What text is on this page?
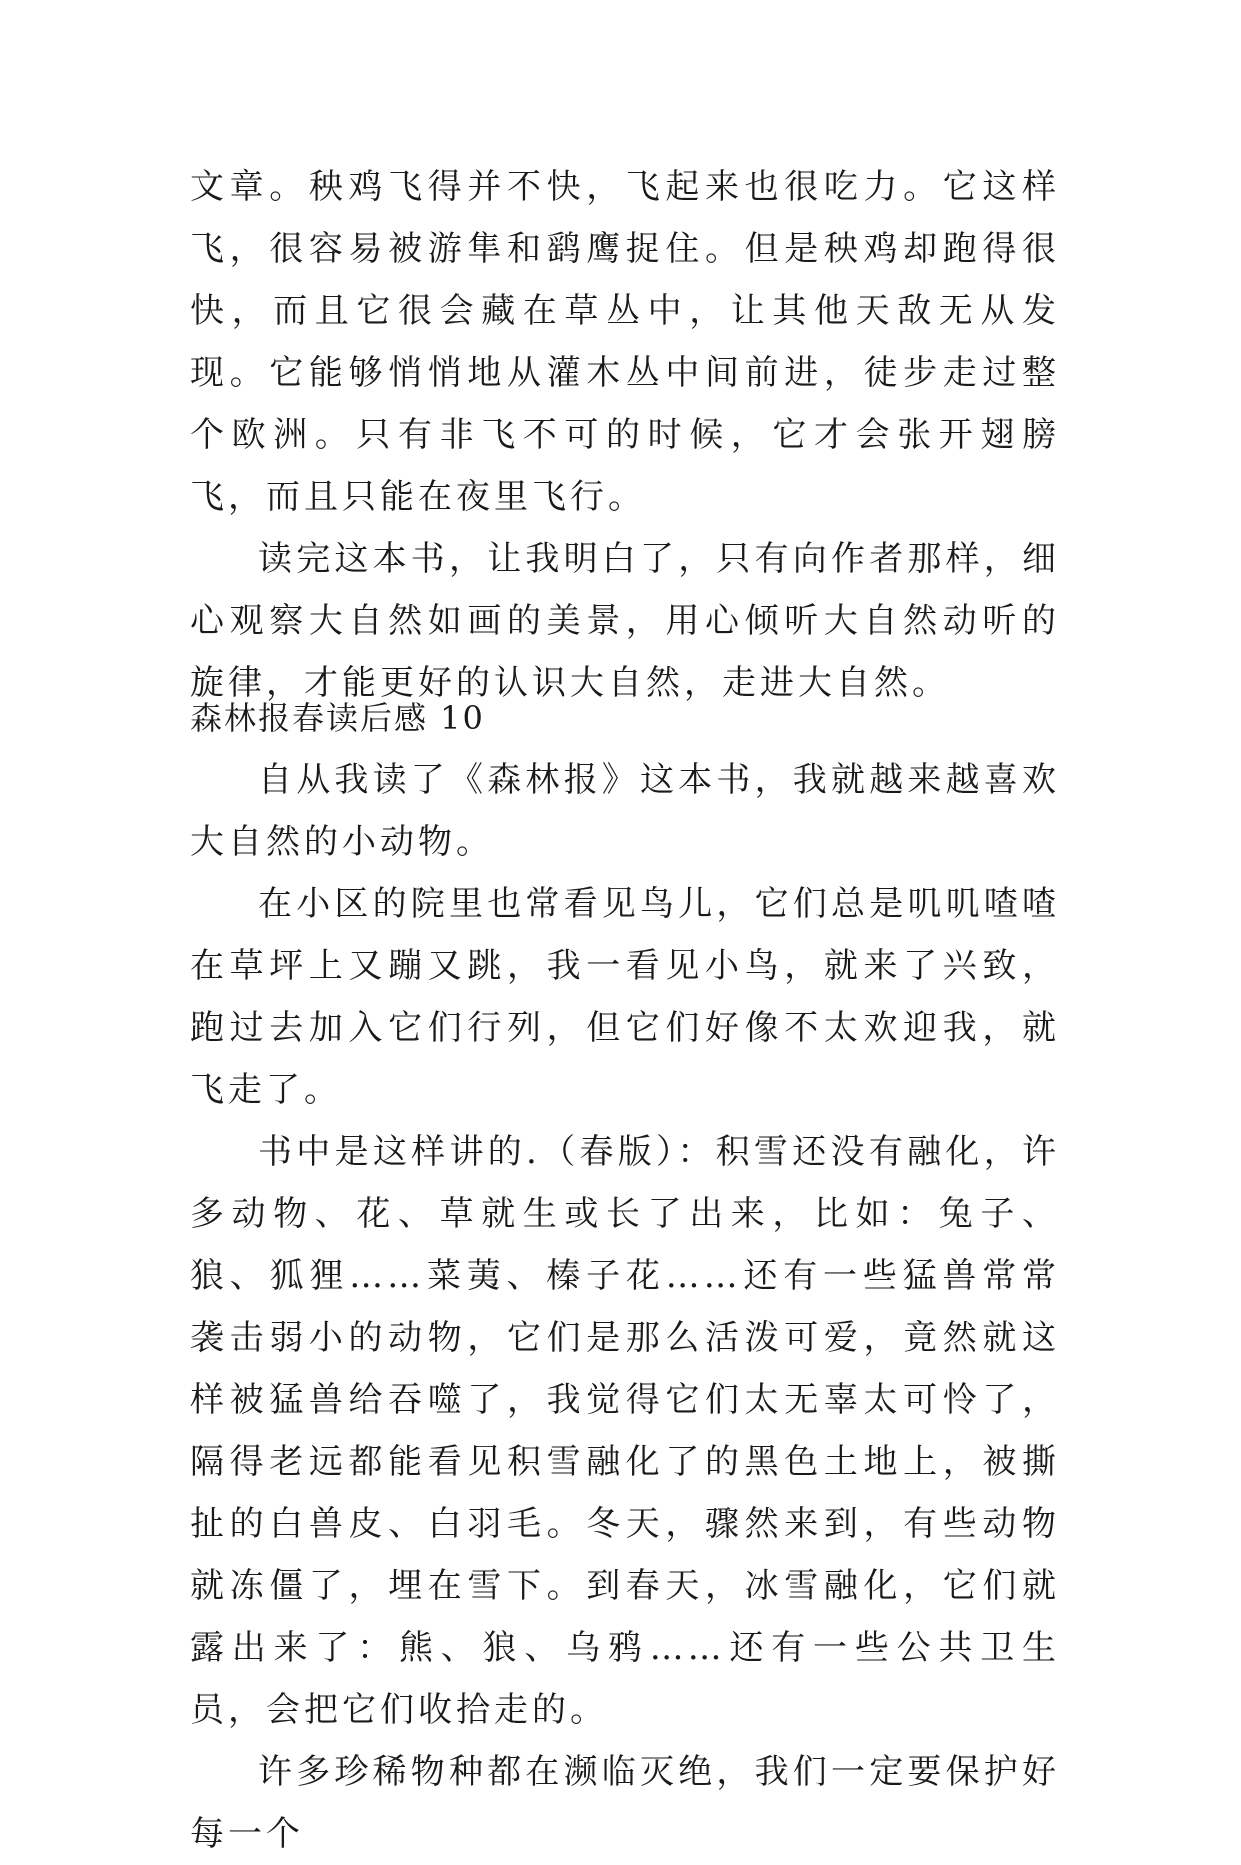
文章。秧鸡飞得并不快，飞起来也很吃力。它这样飞，很容易被游隼和鹞鹰捉住。但是秧鸡却跑得很快，而且它很会藏在草丛中，让其他天敌无从发现。它能够悄悄地从灌木丛中间前进，徒步走过整个欧洲。只有非飞不可的时候，它才会张开翅膀飞，而且只能在夜里飞行。

读完这本书，让我明白了，只有向作者那样，细心观察大自然如画的美景，用心倾听大自然动听的旋律，才能更好的认识大自然，走进大自然。

森林报春读后感 10

自从我读了《森林报》这本书，我就越来越喜欢大自然的小动物。

在小区的院里也常看见鸟儿，它们总是叽叽喳喳在草坪上又蹦又跳，我一看见小鸟，就来了兴致，跑过去加入它们行列，但它们好像不太欢迎我，就飞走了。

书中是这样讲的.（春版）：积雪还没有融化，许多动物、花、草就生或长了出来，比如：兔子、狼、狐狸……菜荑、榛子花……还有一些猛兽常常袭击弱小的动物，它们是那么活泼可爱，竟然就这样被猛兽给吞噬了，我觉得它们太无辜太可怜了，隔得老远都能看见积雪融化了的黑色土地上，被撕扯的白兽皮、白羽毛。冬天，骤然来到，有些动物就冻僵了，埋在雪下。到春天，冰雪融化，它们就露出来了：熊、狼、乌鸦……还有一些公共卫生员，会把它们收拾走的。

许多珍稀物种都在濒临灭绝，我们一定要保护好每一个
